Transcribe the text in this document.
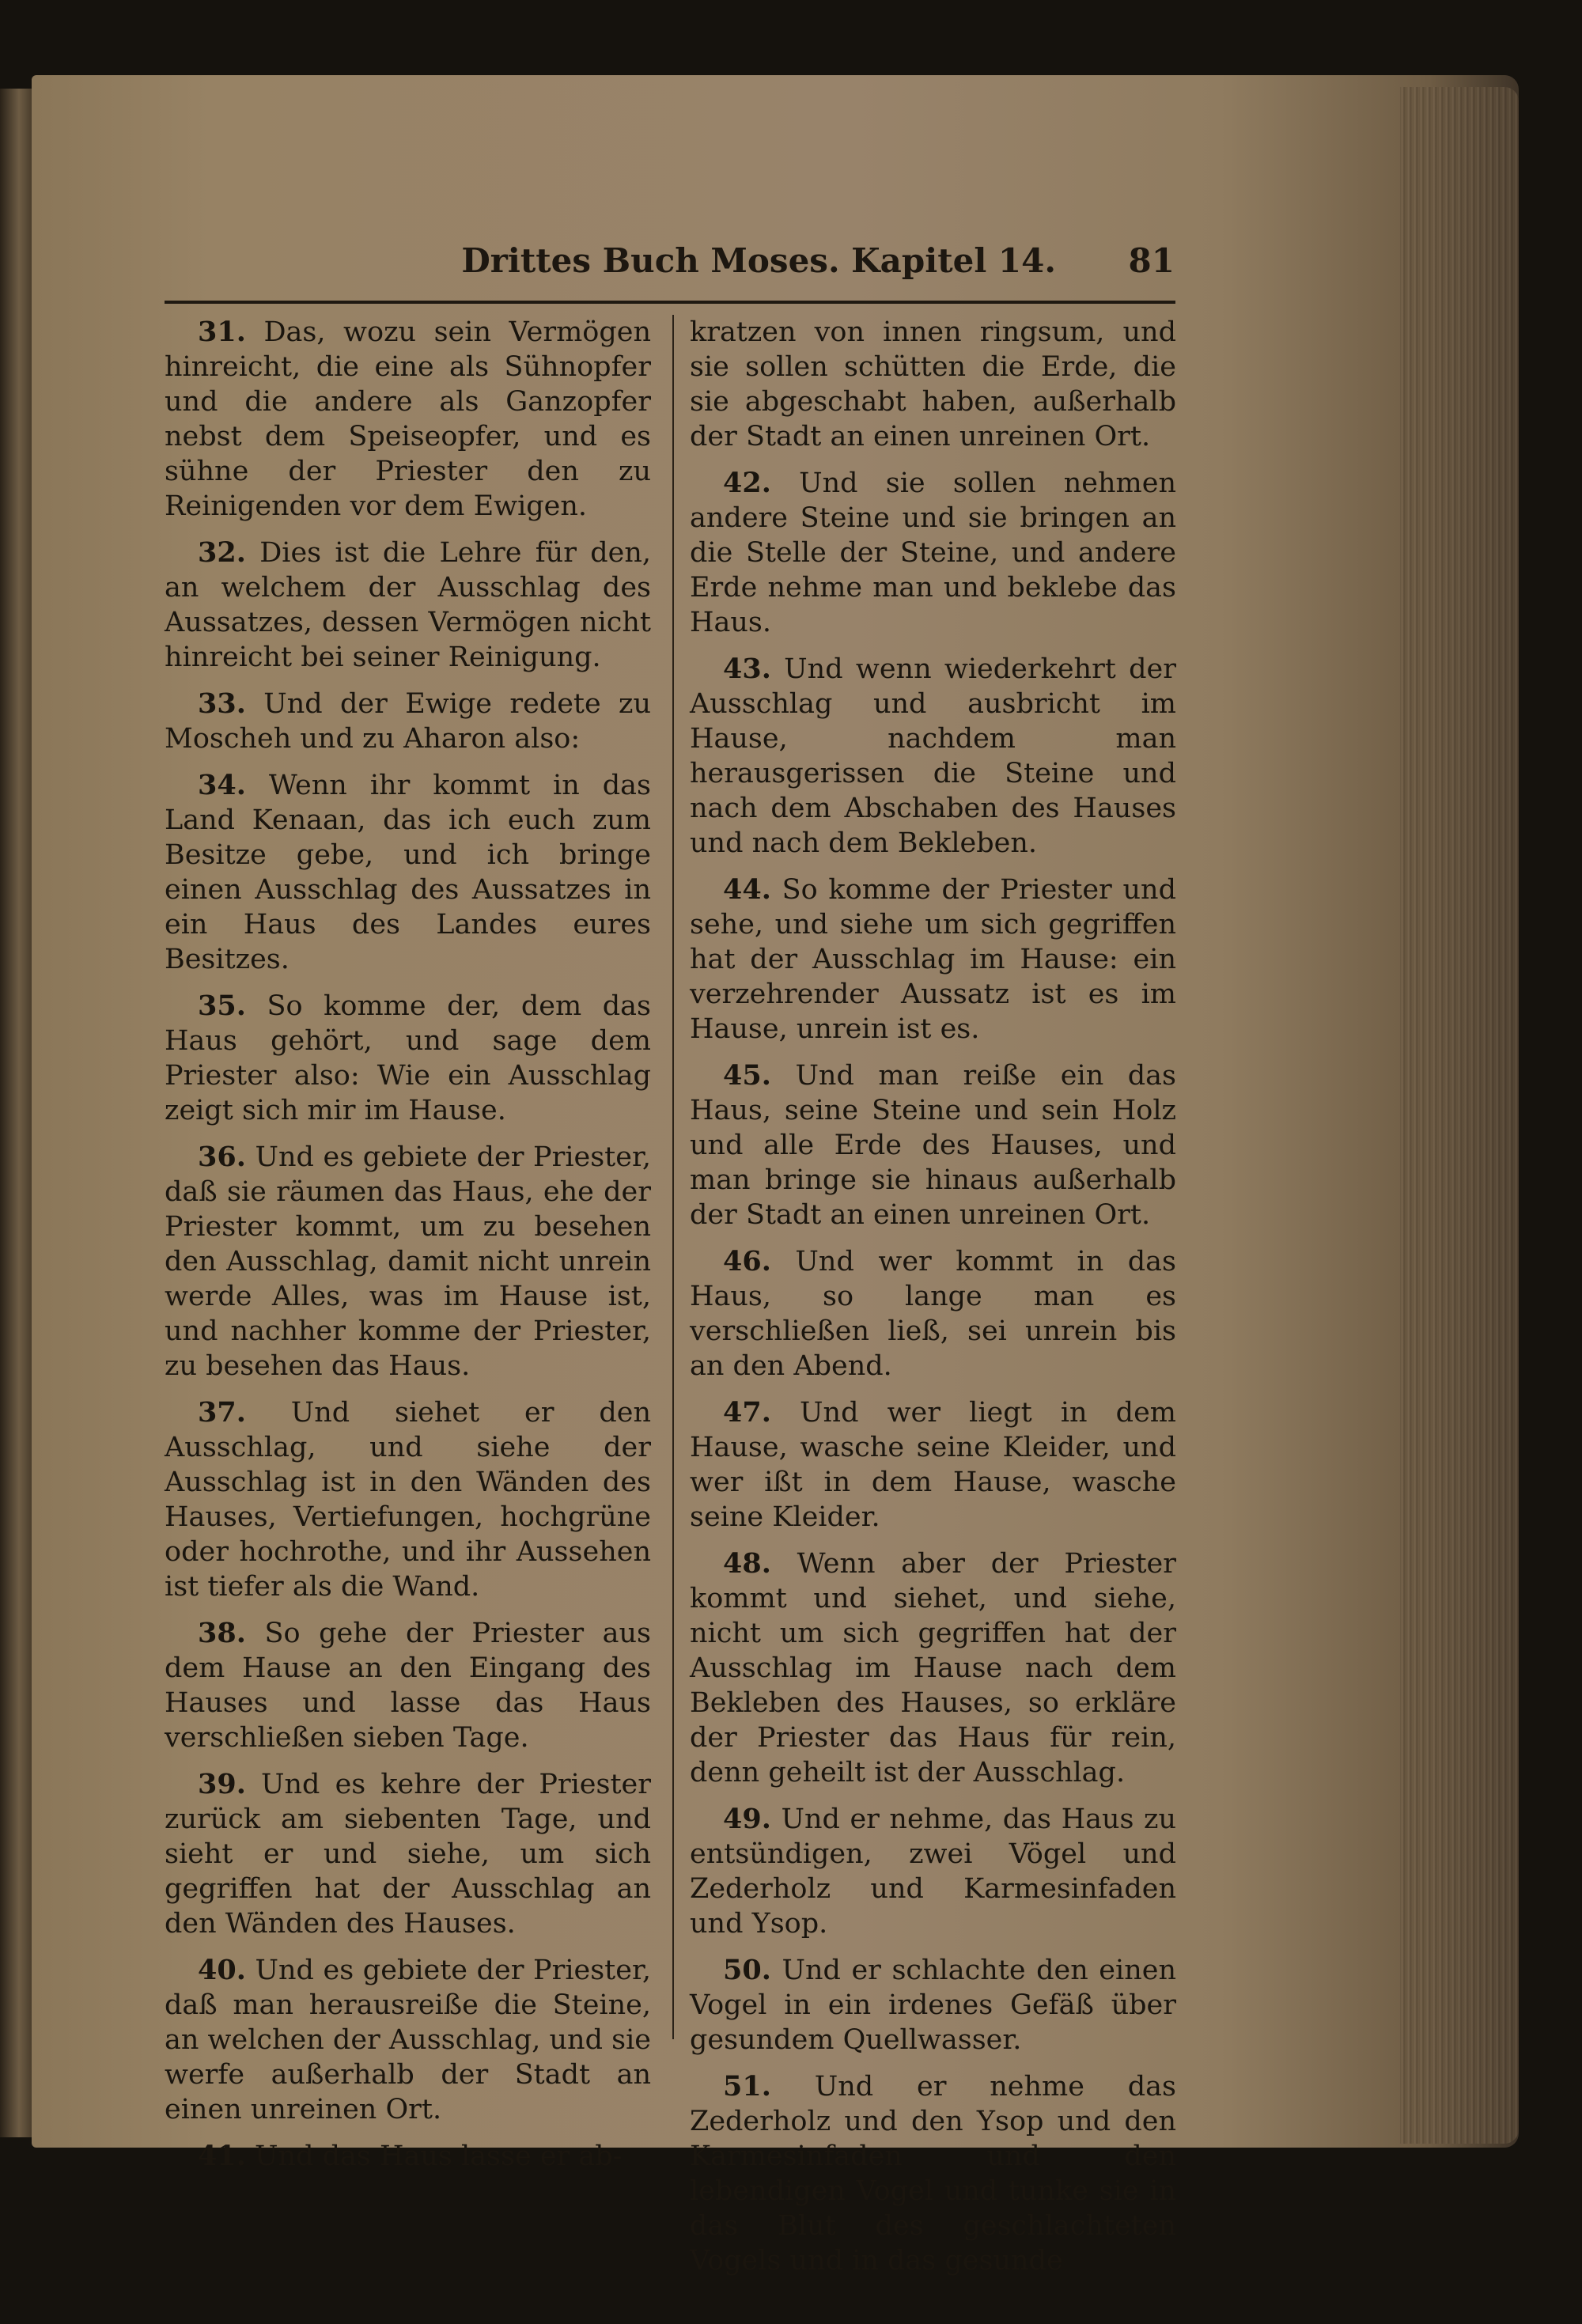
Drittes Buch Moses. Kapitel 14. 81

31. Das, wozu sein Vermögen hinreicht, die eine als Sühnopfer und die andere als Ganzopfer nebst dem Speiseopfer, und es sühne der Priester den zu Reinigenden vor dem Ewigen.

32. Dies ist die Lehre für den, an welchem der Ausschlag des Aussatzes, dessen Vermögen nicht hinreicht bei seiner Reinigung.

33. Und der Ewige redete zu Moscheh und zu Aharon also:

34. Wenn ihr kommt in das Land Kenaan, das ich euch zum Besitze gebe, und ich bringe einen Ausschlag des Aussatzes in ein Haus des Landes eures Besitzes.

35. So komme der, dem das Haus gehört, und sage dem Priester also: Wie ein Ausschlag zeigt sich mir im Hause.

36. Und es gebiete der Priester, daß sie räumen das Haus, ehe der Priester kommt, um zu besehen den Ausschlag, damit nicht unrein werde Alles, was im Hause ist, und nachher komme der Priester, zu besehen das Haus.

37. Und siehet er den Ausschlag, und siehe der Ausschlag ist in den Wänden des Hauses, Vertiefungen, hochgrüne oder hochrothe, und ihr Aussehen ist tiefer als die Wand.

38. So gehe der Priester aus dem Hause an den Eingang des Hauses und lasse das Haus verschließen sieben Tage.

39. Und es kehre der Priester zurück am siebenten Tage, und sieht er und siehe, um sich gegriffen hat der Ausschlag an den Wänden des Hauses.

40. Und es gebiete der Priester, daß man herausreiße die Steine, an welchen der Ausschlag, und sie werfe außerhalb der Stadt an einen unreinen Ort.

41. Und das Haus lasse er ab-

kratzen von innen ringsum, und sie sollen schütten die Erde, die sie abgeschabt haben, außerhalb der Stadt an einen unreinen Ort.

42. Und sie sollen nehmen andere Steine und sie bringen an die Stelle der Steine, und andere Erde nehme man und beklebe das Haus.

43. Und wenn wiederkehrt der Ausschlag und ausbricht im Hause, nachdem man herausgerissen die Steine und nach dem Abschaben des Hauses und nach dem Bekleben.

44. So komme der Priester und sehe, und siehe um sich gegriffen hat der Ausschlag im Hause: ein verzehrender Aussatz ist es im Hause, unrein ist es.

45. Und man reiße ein das Haus, seine Steine und sein Holz und alle Erde des Hauses, und man bringe sie hinaus außerhalb der Stadt an einen unreinen Ort.

46. Und wer kommt in das Haus, so lange man es verschließen ließ, sei unrein bis an den Abend.

47. Und wer liegt in dem Hause, wasche seine Kleider, und wer ißt in dem Hause, wasche seine Kleider.

48. Wenn aber der Priester kommt und siehet, und siehe, nicht um sich gegriffen hat der Ausschlag im Hause nach dem Bekleben des Hauses, so erkläre der Priester das Haus für rein, denn geheilt ist der Ausschlag.

49. Und er nehme, das Haus zu entsündigen, zwei Vögel und Zederholz und Karmesinfaden und Ysop.

50. Und er schlachte den einen Vogel in ein irdenes Gefäß über gesundem Quellwasser.

51. Und er nehme das Zederholz und den Ysop und den Karmesinfaden und den lebendigen Vogel und tunke sie in das Blut des geschlachteten Vogels und in das gesunde
